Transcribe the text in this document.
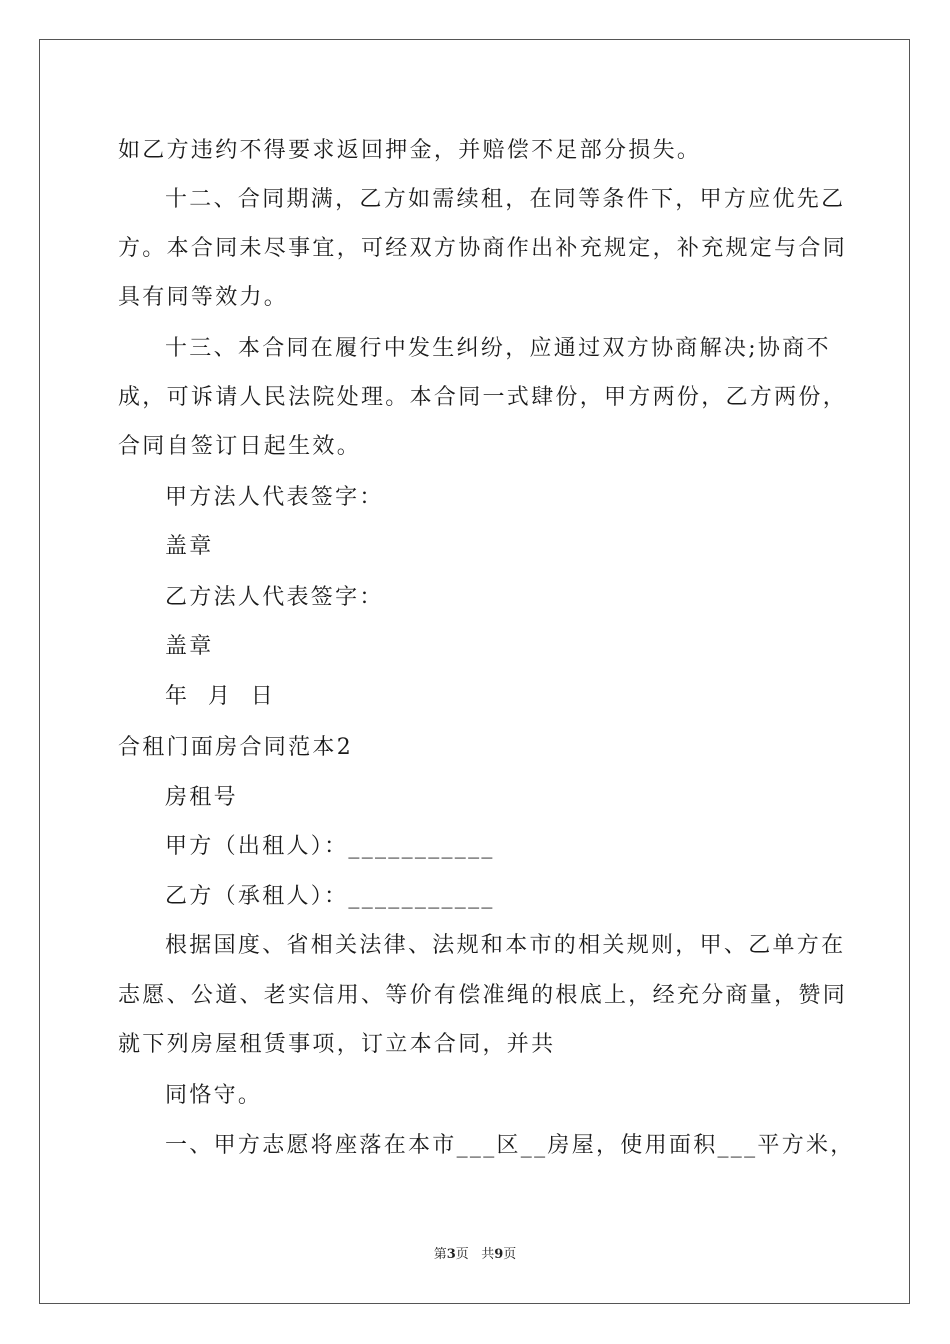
如乙方违约不得要求返回押金，并赔偿不足部分损失。
十二、合同期满，乙方如需续租，在同等条件下，甲方应优先乙
方。本合同未尽事宜，可经双方协商作出补充规定，补充规定与合同
具有同等效力。
十三、本合同在履行中发生纠纷，应通过双方协商解决;协商不
成，可诉请人民法院处理。本合同一式肆份，甲方两份，乙方两份，
合同自签订日起生效。
甲方法人代表签字：
盖章
乙方法人代表签字：
盖章
年  月  日
合租门面房合同范本2
房租号
甲方（出租人）：___________
乙方（承租人）：___________
根据国度、省相关法律、法规和本市的相关规则，甲、乙单方在
志愿、公道、老实信用、等价有偿准绳的根底上，经充分商量，赞同
就下列房屋租赁事项，订立本合同，并共
同恪守。
一、甲方志愿将座落在本市___区__房屋，使用面积___平方米，
第3页 共9页
